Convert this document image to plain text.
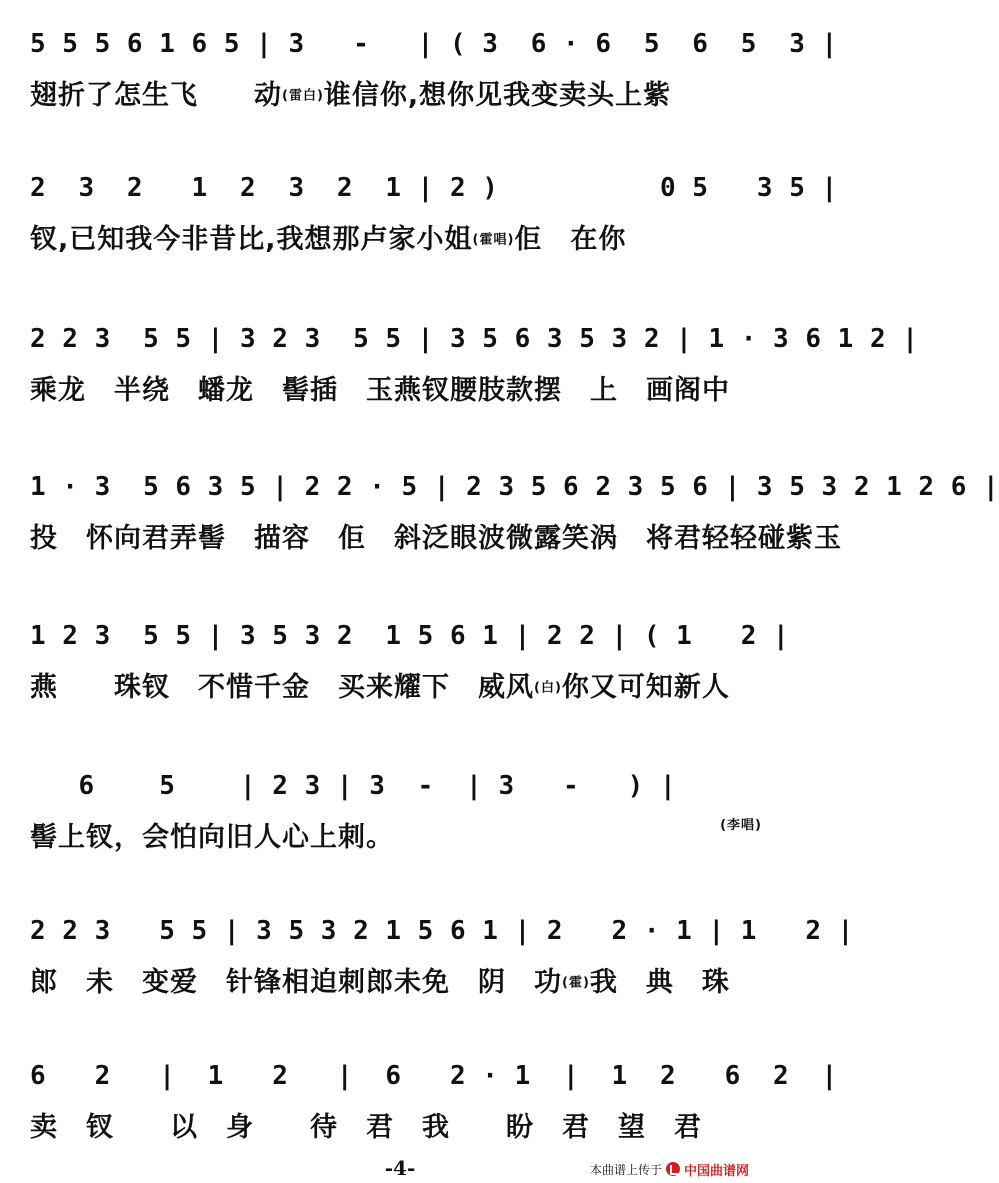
5 5 5 6 1 6 5 | 3   -   | ( 3  6 · 6  5  6  5  3 |
翅折了怎生飞　　动(雷白)谁信你,想你见我变卖头上紫
2  3  2   1  2  3  2  1 | 2 )          0 5   3 5 |
钗,已知我今非昔比,我想那卢家小姐(霍唱)佢　在你
2 2 3  5 5 | 3 2 3  5 5 | 3 5 6 3 5 3 2 | 1 · 3 6 1 2 |
乘龙　半绕　蟠龙　髻插　玉燕钗腰肢款摆　上　画阁中
1 · 3  5 6 3 5 | 2 2 · 5 | 2 3 5 6 2 3 5 6 | 3 5 3 2 1 2 6 |
投　怀向君弄髻　描容　佢　斜泛眼波微露笑涡　将君轻轻碰紫玉
1 2 3  5 5 | 3 5 3 2  1 5 6 1 | 2 2 | ( 1   2 |
燕　　珠钗　不惜千金　买来耀下　威风(白)你又可知新人
6    5    | 2 3 | 3  -  | 3   -   ) |
髻上钗，会怕向旧人心上刺。	(李唱)
2 2 3   5 5 | 3 5 3 2 1 5 6 1 | 2   2 · 1 | 1   2 |
郎　未　变爱　针锋相迫刺郎未免　阴　功(霍)我　典　珠
6   2   |  1   2   |  6   2 · 1  |  1  2   6  2  |
卖　钗　　以　身　　待　君　我　　盼　君　望　君
-4-	本曲谱上传于 中国曲谱网
